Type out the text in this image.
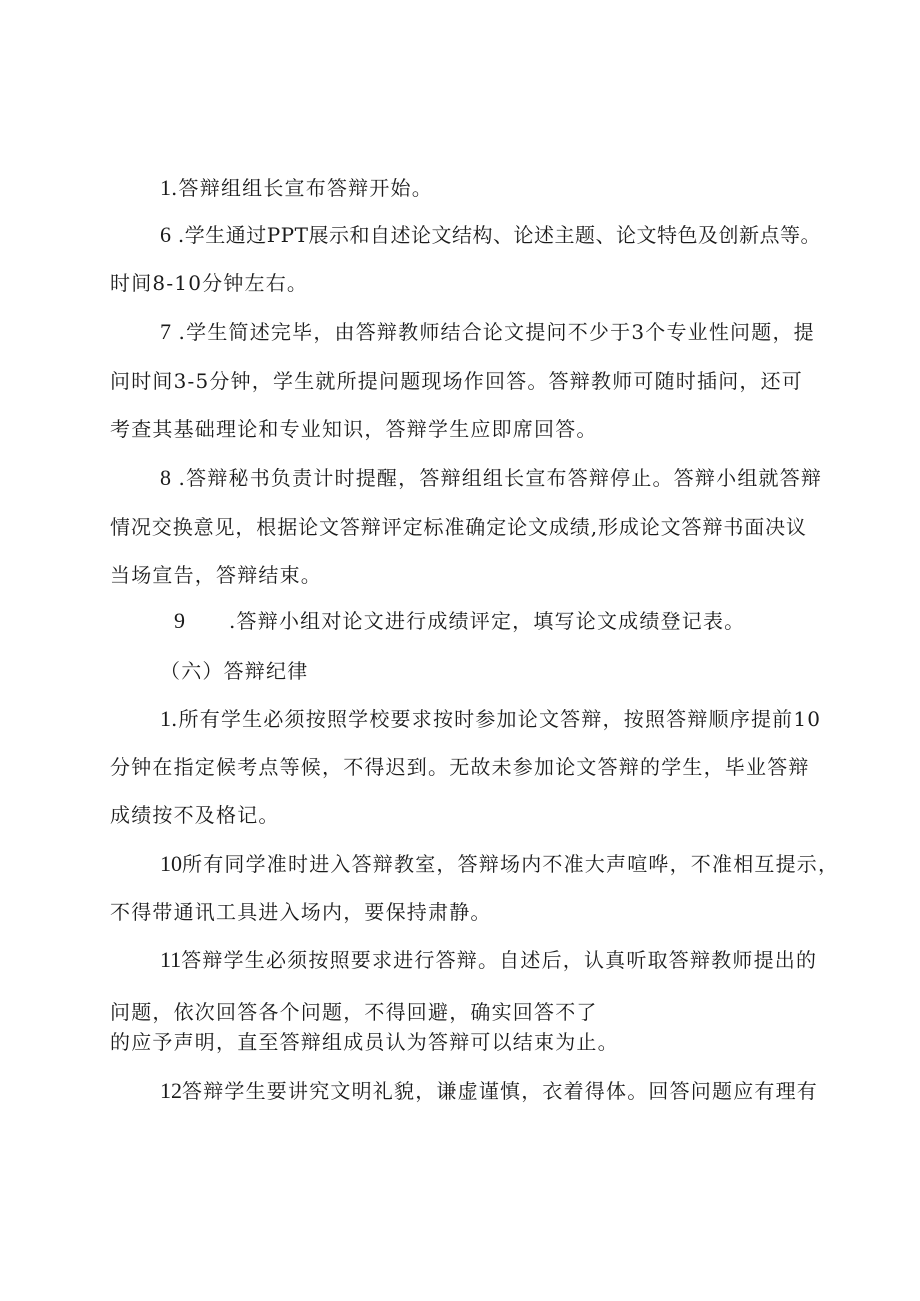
1.答辩组组长宣布答辩开始。
6 .学生通过PPT展示和自述论文结构、论述主题、论文特色及创新点等。
时间8-10分钟左右。
7 .学生简述完毕，由答辩教师结合论文提问不少于3个专业性问题，提
问时间3-5分钟，学生就所提问题现场作回答。答辩教师可随时插问，还可
考查其基础理论和专业知识，答辩学生应即席回答。
8 .答辩秘书负责计时提醒，答辩组组长宣布答辩停止。答辩小组就答辩
情况交换意见，根据论文答辩评定标准确定论文成绩,形成论文答辩书面决议
当场宣告，答辩结束。
9 .答辩小组对论文进行成绩评定，填写论文成绩登记表。
（六）答辩纪律
1.所有学生必须按照学校要求按时参加论文答辩，按照答辩顺序提前10
分钟在指定候考点等候，不得迟到。无故未参加论文答辩的学生，毕业答辩
成绩按不及格记。
10所有同学准时进入答辩教室，答辩场内不准大声喧哗，不准相互提示，
不得带通讯工具进入场内，要保持肃静。
11答辩学生必须按照要求进行答辩。自述后，认真听取答辩教师提出的
问题，依次回答各个问题，不得回避，确实回答不了
的应予声明，直至答辩组成员认为答辩可以结束为止。
12答辩学生要讲究文明礼貌，谦虚谨慎，衣着得体。回答问题应有理有
